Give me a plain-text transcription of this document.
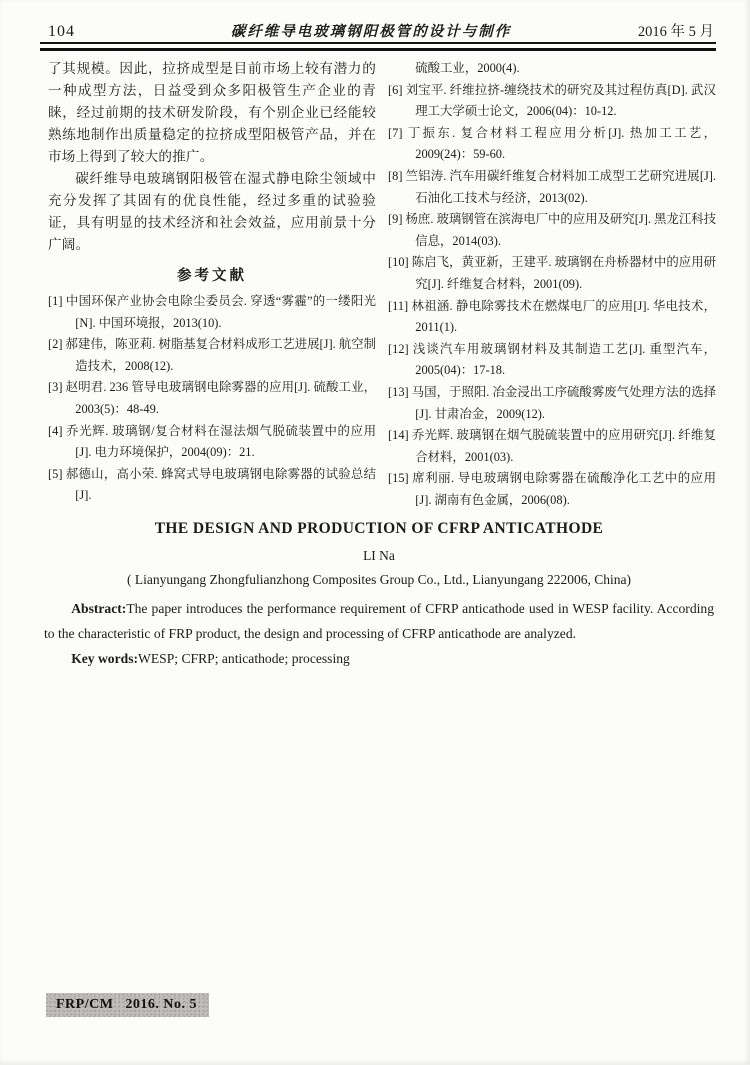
104	碳纤维导电玻璃钢阳极管的设计与制作	2016 年 5 月

了其规模。因此，拉挤成型是目前市场上较有潜力的一种成型方法，日益受到众多阳极管生产企业的青睐，经过前期的技术研发阶段，有个别企业已经能较熟练地制作出质量稳定的拉挤成型阳极管产品，并在市场上得到了较大的推广。

碳纤维导电玻璃钢阳极管在湿式静电除尘领域中充分发挥了其固有的优良性能，经过多重的试验验证，具有明显的技术经济和社会效益，应用前景十分广阔。

参考文献
[1] 中国环保产业协会电除尘委员会. 穿透“雾霾”的一缕阳光[N]. 中国环境报，2013(10).
[2] 郝建伟，陈亚莉. 树脂基复合材料成形工艺进展[J]. 航空制造技术，2008(12).
[3] 赵明君. 236 管导电玻璃钢电除雾器的应用[J]. 硫酸工业，2003(5)：48-49.
[4] 乔光辉. 玻璃钢/复合材料在湿法烟气脱硫装置中的应用[J]. 电力环境保护，2004(09)：21.
[5] 郝德山，高小荣. 蜂窝式导电玻璃钢电除雾器的试验总结[J].
硫酸工业，2000(4).
[6] 刘宝平. 纤维拉挤-缠绕技术的研究及其过程仿真[D]. 武汉理工大学硕士论文，2006(04)：10-12.
[7] 丁振东. 复合材料工程应用分析[J]. 热加工工艺，2009(24)：59-60.
[8] 竺铝涛. 汽车用碳纤维复合材料加工成型工艺研究进展[J]. 石油化工技术与经济，2013(02).
[9] 杨庶. 玻璃钢管在滨海电厂中的应用及研究[J]. 黑龙江科技信息，2014(03).
[10] 陈启飞，黄亚新，王建平. 玻璃钢在舟桥器材中的应用研究[J]. 纤维复合材料，2001(09).
[11] 林祖涵. 静电除雾技术在燃煤电厂的应用[J]. 华电技术，2011(1).
[12] 浅谈汽车用玻璃钢材料及其制造工艺[J]. 重型汽车，2005(04)：17-18.
[13] 马国，于照阳. 冶金浸出工序硫酸雾废气处理方法的选择[J]. 甘肃冶金，2009(12).
[14] 乔光辉. 玻璃钢在烟气脱硫装置中的应用研究[J]. 纤维复合材料，2001(03).
[15] 席利丽. 导电玻璃钢电除雾器在硫酸净化工艺中的应用[J]. 湖南有色金属，2006(08).
THE DESIGN AND PRODUCTION OF CFRP ANTICATHODE

LI Na

( Lianyungang Zhongfulianzhong Composites Group Co., Ltd., Lianyungang 222006, China)

Abstract:The paper introduces the performance requirement of CFRP anticathode used in WESP facility. According to the characteristic of FRP product, the design and processing of CFRP anticathode are analyzed.

Key words:WESP; CFRP; anticathode; processing

FRP/CM   2016. No. 5
